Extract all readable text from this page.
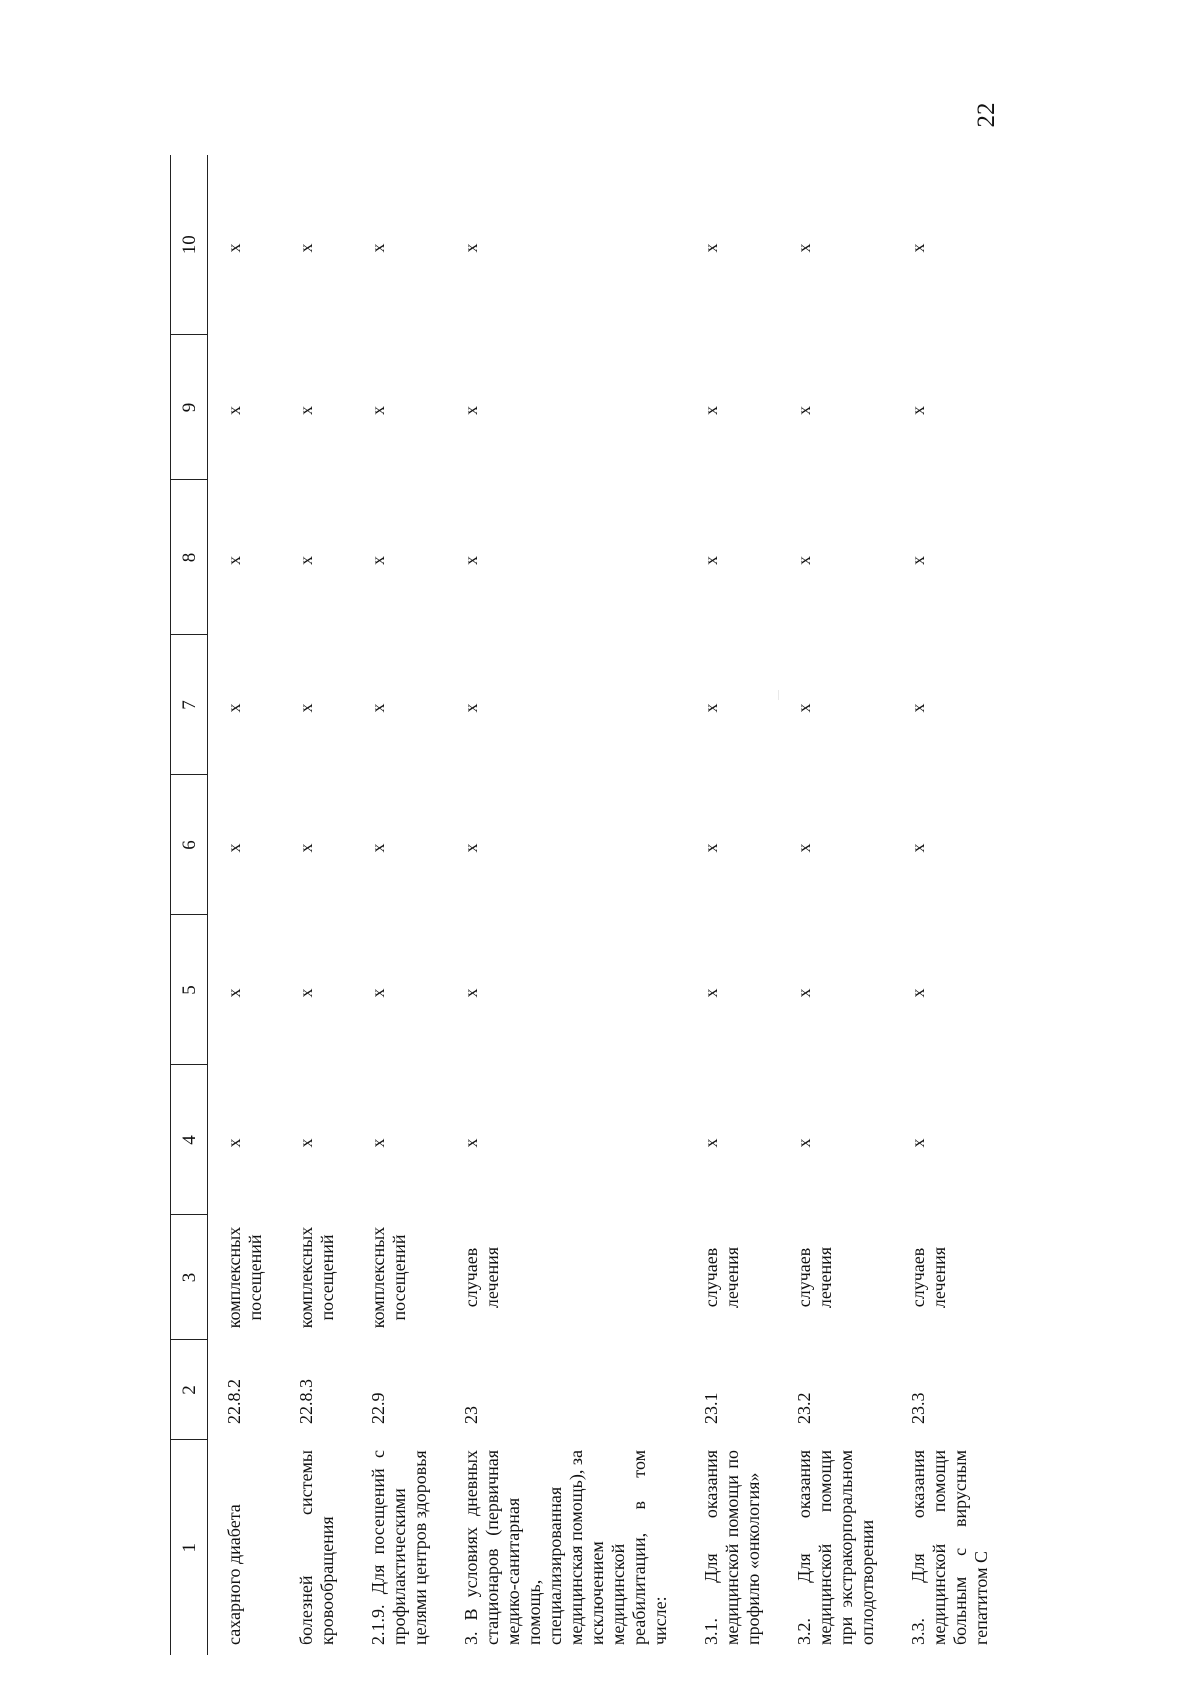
22
1	2	3	4	5	6	7	8	9	10
сахарного диабета	22.8.2	комплексных посещений	x	x	x	x	x	x	x
болезней системы кровообращения	22.8.3	комплексных посещений	x	x	x	x	x	x	x
2.1.9. Для посещений с профилактическими целями центров здоровья	22.9	комплексных посещений	x	x	x	x	x	x	x
3. В условиях дневных стационаров (первичная медико-санитарная помощь, специализированная медицинская помощь), за исключением медицинской реабилитации, в том числе:	23	случаев лечения	x	x	x	x	x	x	x
3.1. Для оказания медицинской помощи по профилю «онкология»	23.1	случаев лечения	x	x	x	x	x	x	x
3.2. Для оказания медицинской помощи при экстракорпоральном оплодотворении	23.2	случаев лечения	x	x	x	x	x	x	x
3.3. Для оказания медицинской помощи больным с вирусным гепатитом С	23.3	случаев лечения	x	x	x	x	x	x	x
